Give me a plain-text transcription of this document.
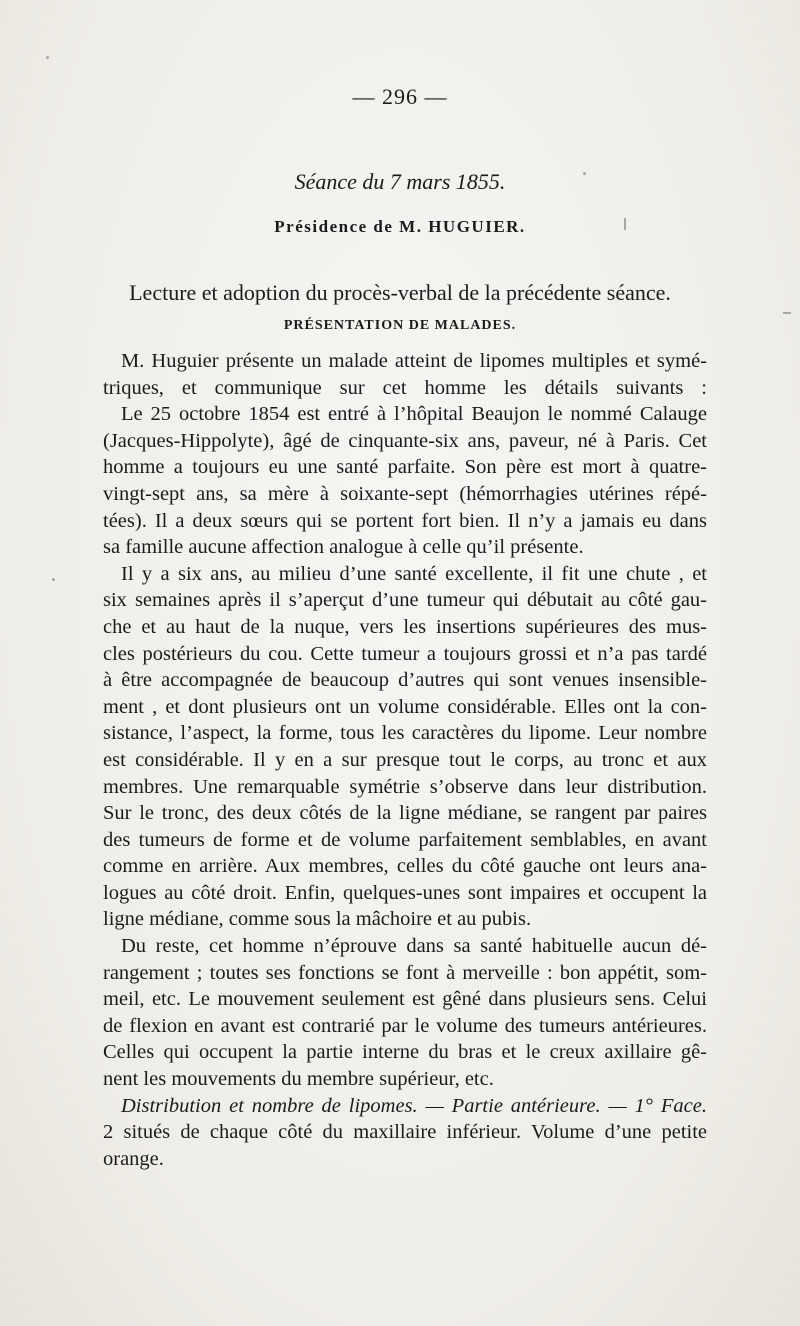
— 296 —
Séance du 7 mars 1855.
Présidence de M. HUGUIER.
Lecture et adoption du procès-verbal de la précédente séance.
PRÉSENTATION DE MALADES.
M. Huguier présente un malade atteint de lipomes multiples et symé-
triques, et communique sur cet homme les détails suivants :
Le 25 octobre 1854 est entré à l’hôpital Beaujon le nommé Calauge
(Jacques-Hippolyte), âgé de cinquante-six ans, paveur, né à Paris. Cet
homme a toujours eu une santé parfaite. Son père est mort à quatre-
vingt-sept ans, sa mère à soixante-sept (hémorrhagies utérines répé-
tées). Il a deux sœurs qui se portent fort bien. Il n’y a jamais eu dans
sa famille aucune affection analogue à celle qu’il présente.
Il y a six ans, au milieu d’une santé excellente, il fit une chute , et
six semaines après il s’aperçut d’une tumeur qui débutait au côté gau-
che et au haut de la nuque, vers les insertions supérieures des mus-
cles postérieurs du cou. Cette tumeur a toujours grossi et n’a pas tardé
à être accompagnée de beaucoup d’autres qui sont venues insensible-
ment , et dont plusieurs ont un volume considérable. Elles ont la con-
sistance, l’aspect, la forme, tous les caractères du lipome. Leur nombre
est considérable. Il y en a sur presque tout le corps, au tronc et aux
membres. Une remarquable symétrie s’observe dans leur distribution.
Sur le tronc, des deux côtés de la ligne médiane, se rangent par paires
des tumeurs de forme et de volume parfaitement semblables, en avant
comme en arrière. Aux membres, celles du côté gauche ont leurs ana-
logues au côté droit. Enfin, quelques-unes sont impaires et occupent la
ligne médiane, comme sous la mâchoire et au pubis.
Du reste, cet homme n’éprouve dans sa santé habituelle aucun dé-
rangement ; toutes ses fonctions se font à merveille : bon appétit, som-
meil, etc. Le mouvement seulement est gêné dans plusieurs sens. Celui
de flexion en avant est contrarié par le volume des tumeurs antérieures.
Celles qui occupent la partie interne du bras et le creux axillaire gê-
nent les mouvements du membre supérieur, etc.
Distribution et nombre de lipomes. — Partie antérieure. — 1° Face.
2 situés de chaque côté du maxillaire inférieur. Volume d’une petite
orange.
